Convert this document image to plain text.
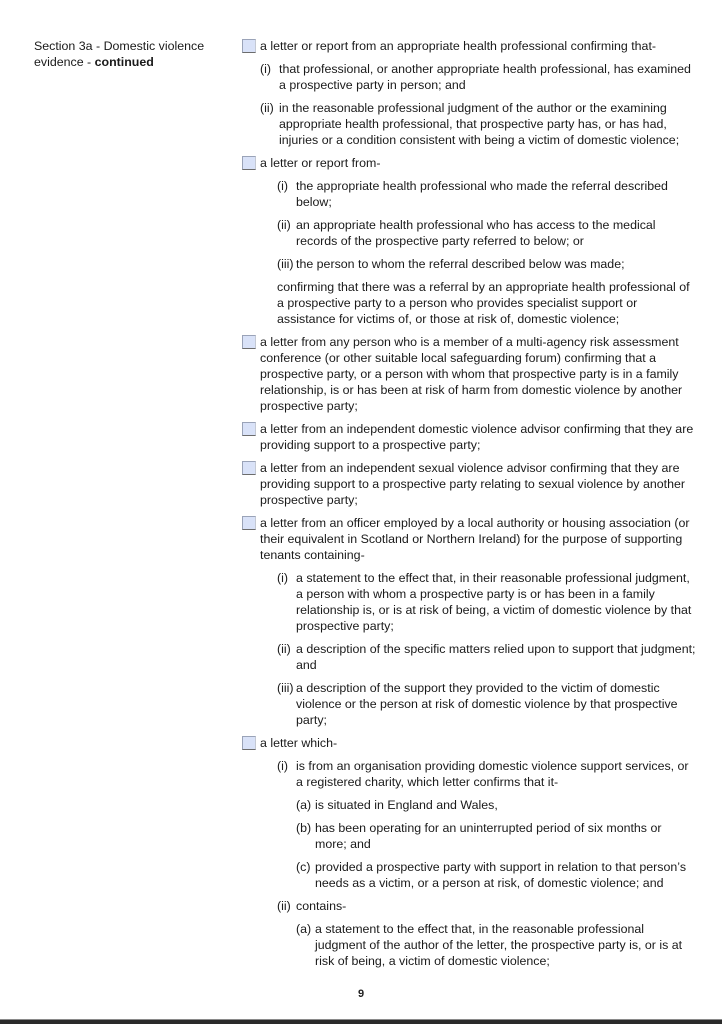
Section 3a - Domestic violence evidence - continued
a letter or report from an appropriate health professional confirming that-
(i) that professional, or another appropriate health professional, has examined a prospective party in person; and
(ii) in the reasonable professional judgment of the author or the examining appropriate health professional, that prospective party has, or has had, injuries or a condition consistent with being a victim of domestic violence;
a letter or report from-
(i) the appropriate health professional who made the referral described below;
(ii) an appropriate health professional who has access to the medical records of the prospective party referred to below; or
(iii) the person to whom the referral described below was made;
confirming that there was a referral by an appropriate health professional of a prospective party to a person who provides specialist support or assistance for victims of, or those at risk of, domestic violence;
a letter from any person who is a member of a multi-agency risk assessment conference (or other suitable local safeguarding forum) confirming that a prospective party, or a person with whom that prospective party is in a family relationship, is or has been at risk of harm from domestic violence by another prospective party;
a letter from an independent domestic violence advisor confirming that they are providing support to a prospective party;
a letter from an independent sexual violence advisor confirming that they are providing support to a prospective party relating to sexual violence by another prospective party;
a letter from an officer employed by a local authority or housing association (or their equivalent in Scotland or Northern Ireland) for the purpose of supporting tenants containing-
(i) a statement to the effect that, in their reasonable professional judgment, a person with whom a prospective party is or has been in a family relationship is, or is at risk of being, a victim of domestic violence by that prospective party;
(ii) a description of the specific matters relied upon to support that judgment; and
(iii) a description of the support they provided to the victim of domestic violence or the person at risk of domestic violence by that prospective party;
a letter which-
(i) is from an organisation providing domestic violence support services, or a registered charity, which letter confirms that it-
(a) is situated in England and Wales,
(b) has been operating for an uninterrupted period of six months or more; and
(c) provided a prospective party with support in relation to that person’s needs as a victim, or a person at risk, of domestic violence; and
(ii) contains-
(a) a statement to the effect that, in the reasonable professional judgment of the author of the letter, the prospective party is, or is at risk of being, a victim of domestic violence;
9
